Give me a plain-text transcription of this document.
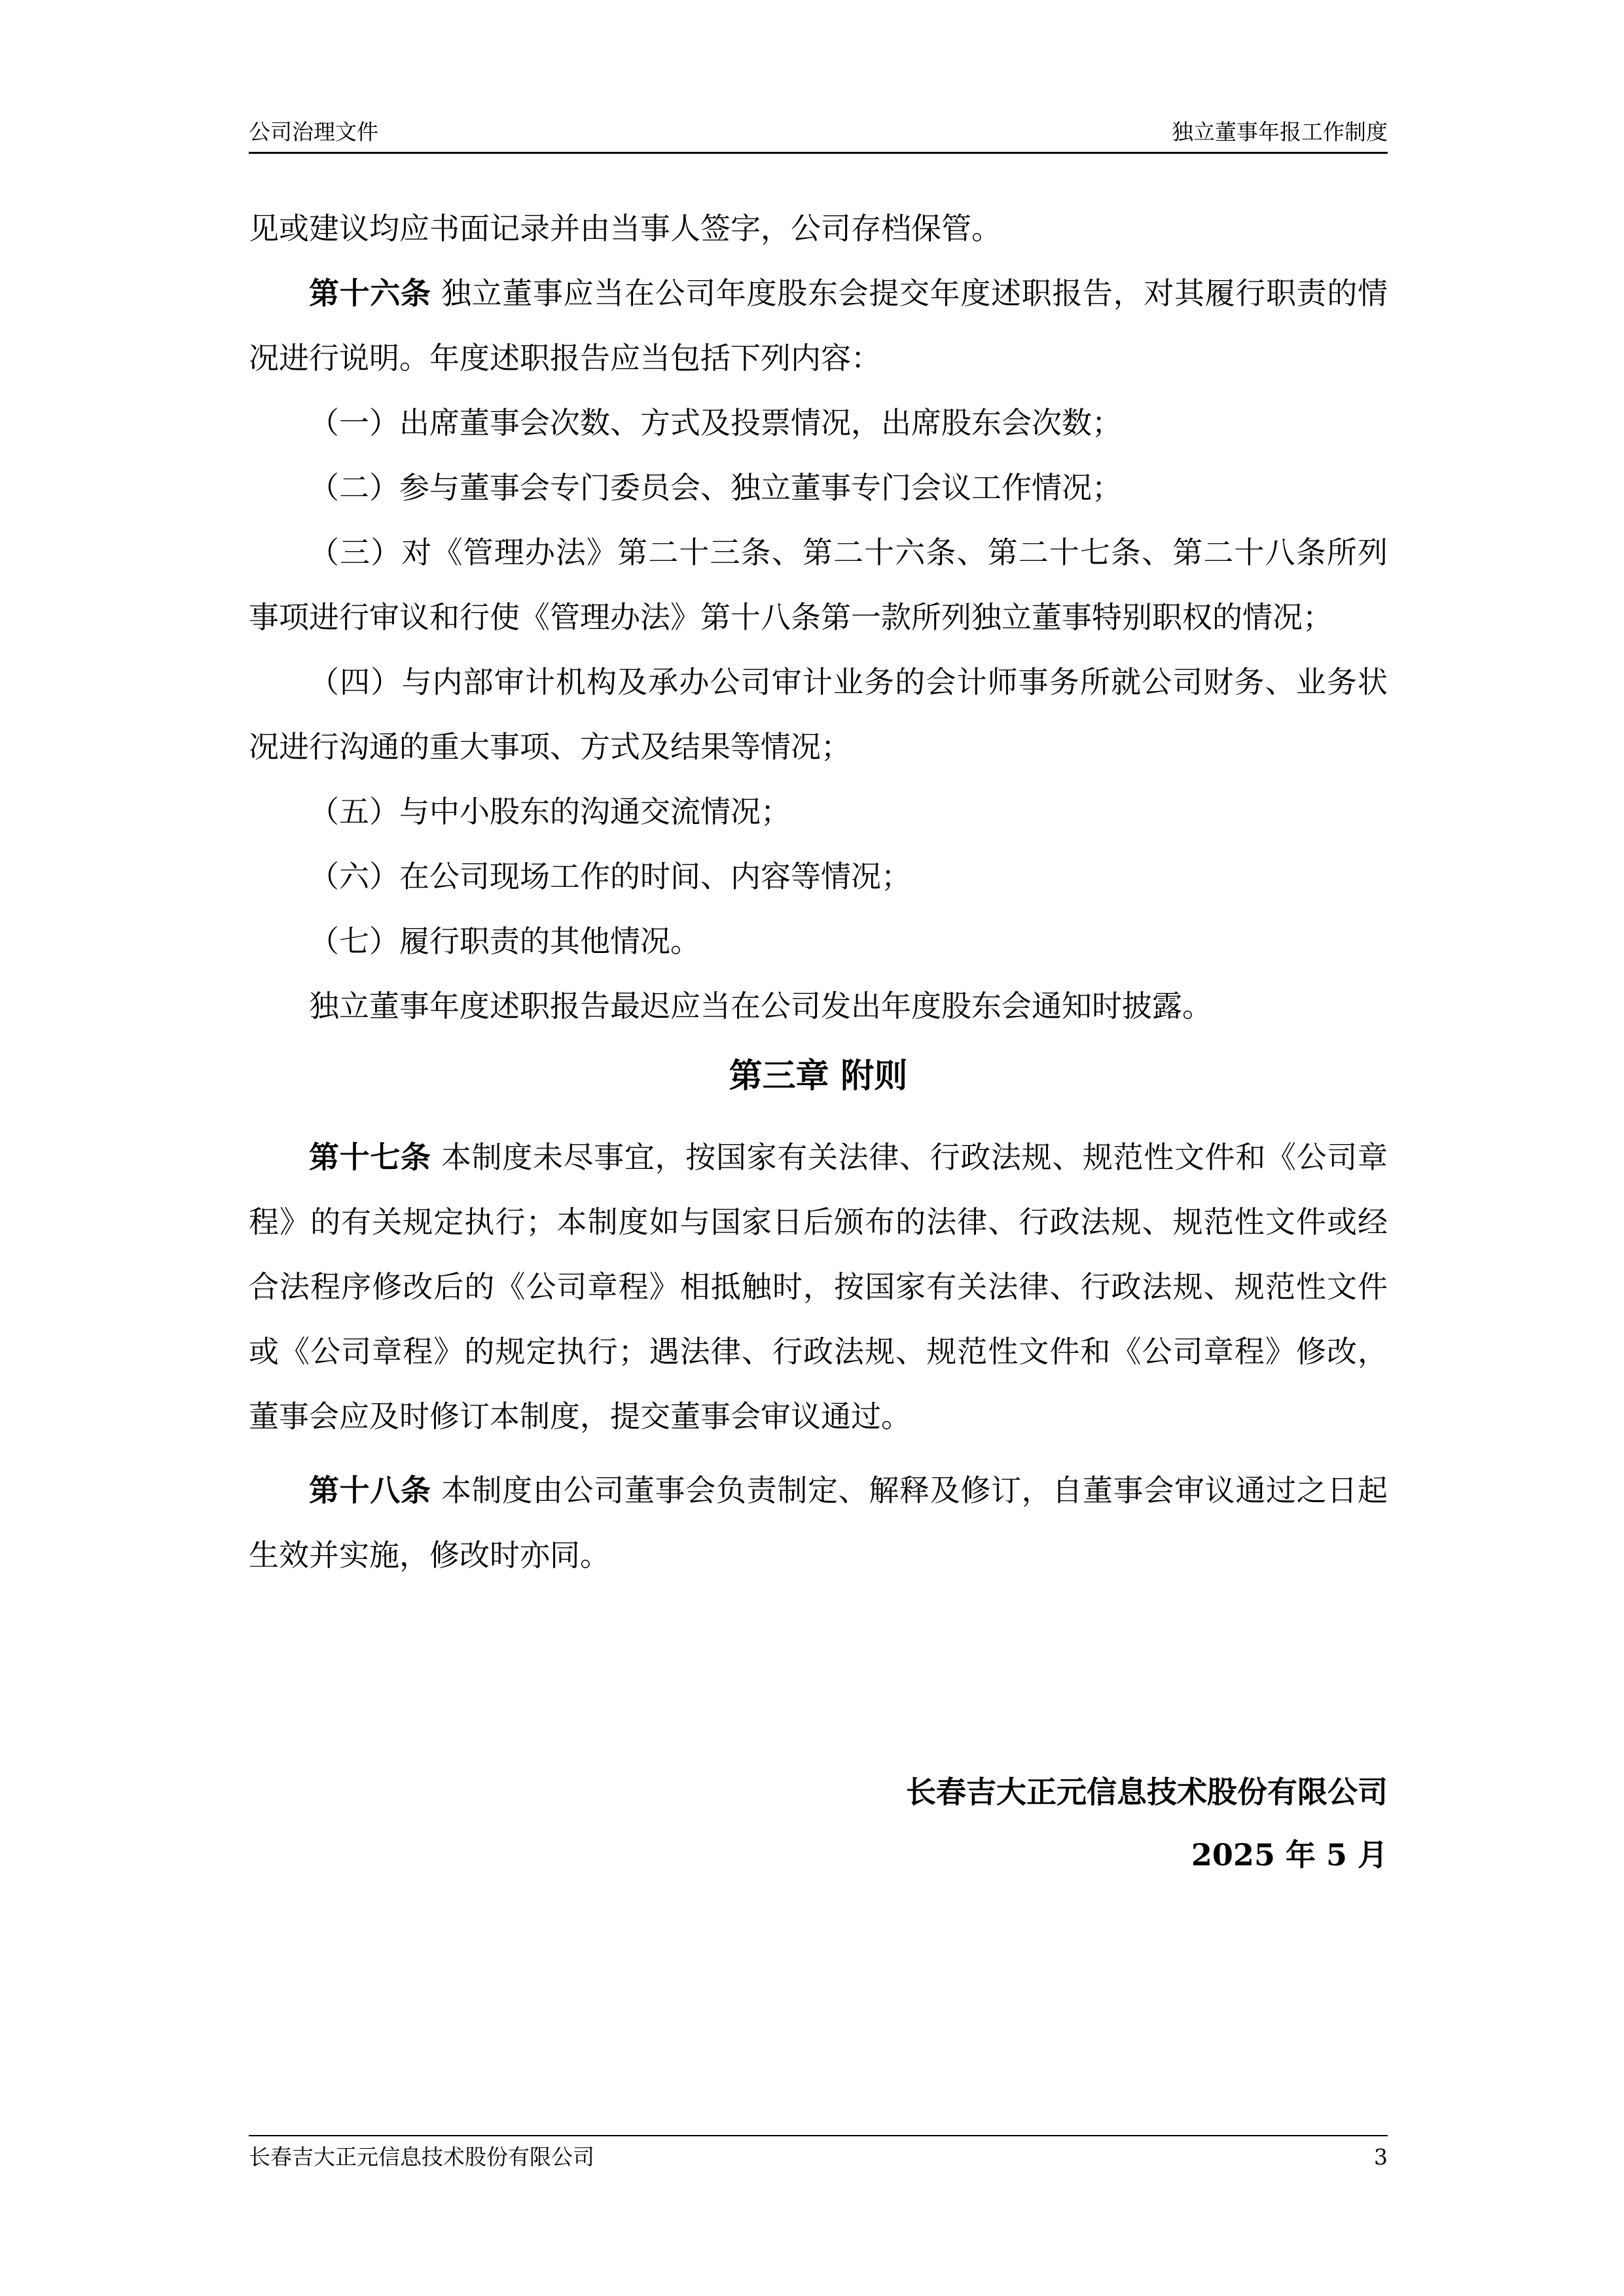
公司治理文件	独立董事年报工作制度

见或建议均应书面记录并由当事人签字，公司存档保管。

第十六条 独立董事应当在公司年度股东会提交年度述职报告，对其履行职责的情况进行说明。年度述职报告应当包括下列内容：

（一）出席董事会次数、方式及投票情况，出席股东会次数；

（二）参与董事会专门委员会、独立董事专门会议工作情况；

（三）对《管理办法》第二十三条、第二十六条、第二十七条、第二十八条所列事项进行审议和行使《管理办法》第十八条第一款所列独立董事特别职权的情况；

（四）与内部审计机构及承办公司审计业务的会计师事务所就公司财务、业务状况进行沟通的重大事项、方式及结果等情况；

（五）与中小股东的沟通交流情况；

（六）在公司现场工作的时间、内容等情况；

（七）履行职责的其他情况。

独立董事年度述职报告最迟应当在公司发出年度股东会通知时披露。

第三章 附则

第十七条 本制度未尽事宜，按国家有关法律、行政法规、规范性文件和《公司章程》的有关规定执行；本制度如与国家日后颁布的法律、行政法规、规范性文件或经合法程序修改后的《公司章程》相抵触时，按国家有关法律、行政法规、规范性文件或《公司章程》的规定执行；遇法律、行政法规、规范性文件和《公司章程》修改，董事会应及时修订本制度，提交董事会审议通过。

第十八条 本制度由公司董事会负责制定、解释及修订，自董事会审议通过之日起生效并实施，修改时亦同。

长春吉大正元信息技术股份有限公司
2025 年 5 月
长春吉大正元信息技术股份有限公司	3
